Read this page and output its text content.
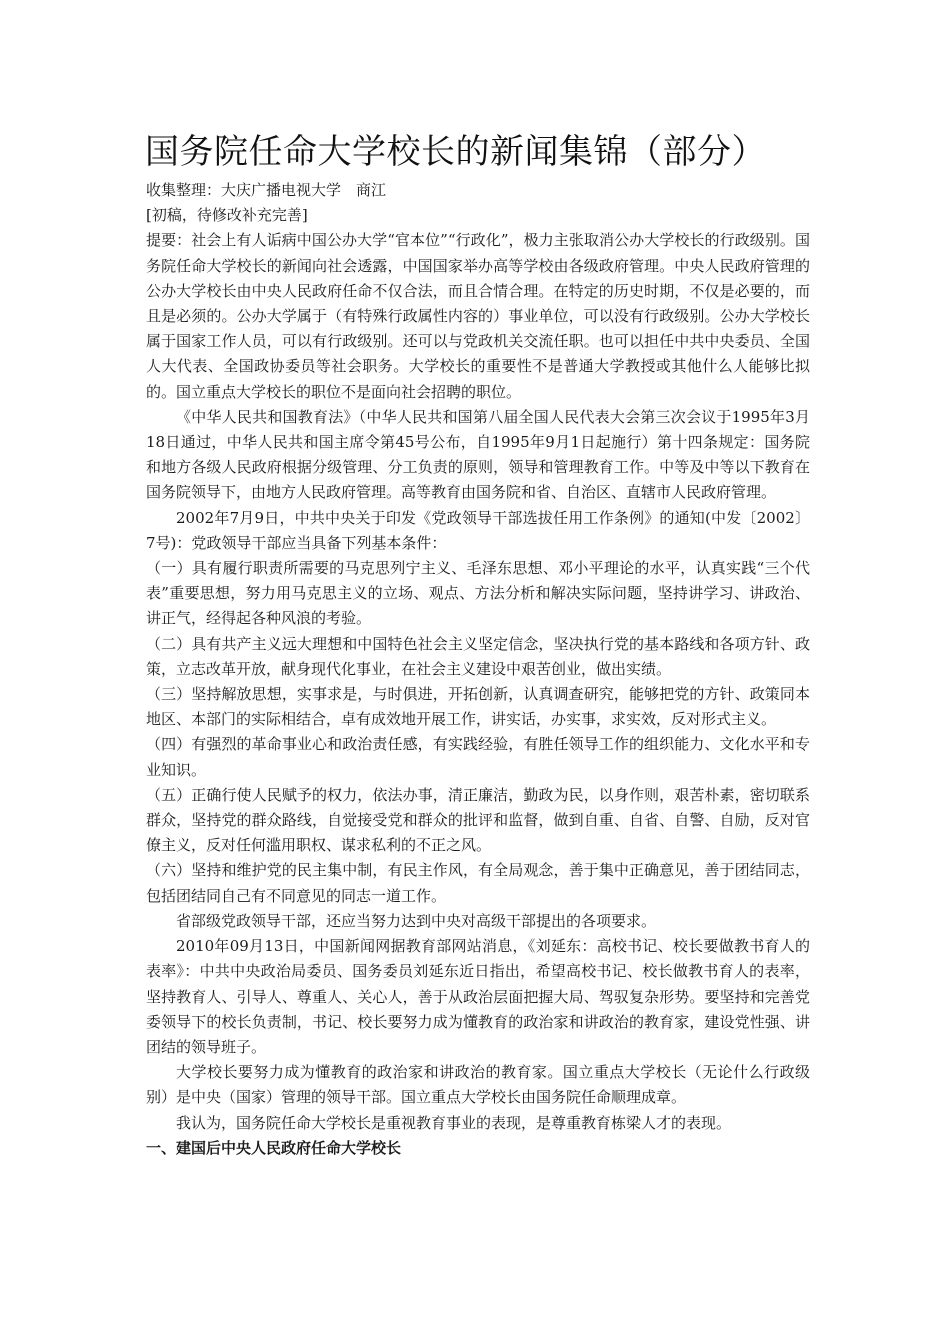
国务院任命大学校长的新闻集锦（部分）

收集整理：大庆广播电视大学　商江

[初稿，待修改补充完善]

提要：社会上有人诟病中国公办大学“官本位”“行政化”，极力主张取消公办大学校长的行政级别。国务院任命大学校长的新闻向社会透露，中国国家举办高等学校由各级政府管理。中央人民政府管理的公办大学校长由中央人民政府任命不仅合法，而且合情合理。在特定的历史时期，不仅是必要的，而且是必须的。公办大学属于（有特殊行政属性内容的）事业单位，可以没有行政级别。公办大学校长属于国家工作人员，可以有行政级别。还可以与党政机关交流任职。也可以担任中共中央委员、全国人大代表、全国政协委员等社会职务。大学校长的重要性不是普通大学教授或其他什么人能够比拟的。国立重点大学校长的职位不是面向社会招聘的职位。

《中华人民共和国教育法》（中华人民共和国第八届全国人民代表大会第三次会议于1995年3月18日通过，中华人民共和国主席令第45号公布，自1995年9月1日起施行）第十四条规定：国务院和地方各级人民政府根据分级管理、分工负责的原则，领导和管理教育工作。中等及中等以下教育在国务院领导下，由地方人民政府管理。高等教育由国务院和省、自治区、直辖市人民政府管理。

2002年7月9日，中共中央关于印发《党政领导干部选拔任用工作条例》的通知(中发〔2002〕7号)：党政领导干部应当具备下列基本条件：

（一）具有履行职责所需要的马克思列宁主义、毛泽东思想、邓小平理论的水平，认真实践“三个代表”重要思想，努力用马克思主义的立场、观点、方法分析和解决实际问题，坚持讲学习、讲政治、讲正气，经得起各种风浪的考验。

（二）具有共产主义远大理想和中国特色社会主义坚定信念，坚决执行党的基本路线和各项方针、政策，立志改革开放，献身现代化事业，在社会主义建设中艰苦创业，做出实绩。

（三）坚持解放思想，实事求是，与时俱进，开拓创新，认真调查研究，能够把党的方针、政策同本地区、本部门的实际相结合，卓有成效地开展工作，讲实话，办实事，求实效，反对形式主义。

（四）有强烈的革命事业心和政治责任感，有实践经验，有胜任领导工作的组织能力、文化水平和专业知识。

（五）正确行使人民赋予的权力，依法办事，清正廉洁，勤政为民，以身作则，艰苦朴素，密切联系群众，坚持党的群众路线，自觉接受党和群众的批评和监督，做到自重、自省、自警、自励，反对官僚主义，反对任何滥用职权、谋求私利的不正之风。

（六）坚持和维护党的民主集中制，有民主作风，有全局观念，善于集中正确意见，善于团结同志，包括团结同自己有不同意见的同志一道工作。

省部级党政领导干部，还应当努力达到中央对高级干部提出的各项要求。

2010年09月13日，中国新闻网据教育部网站消息，《刘延东：高校书记、校长要做教书育人的表率》：中共中央政治局委员、国务委员刘延东近日指出，希望高校书记、校长做教书育人的表率，坚持教育人、引导人、尊重人、关心人，善于从政治层面把握大局、驾驭复杂形势。要坚持和完善党委领导下的校长负责制，书记、校长要努力成为懂教育的政治家和讲政治的教育家，建设党性强、讲团结的领导班子。

大学校长要努力成为懂教育的政治家和讲政治的教育家。国立重点大学校长（无论什么行政级别）是中央（国家）管理的领导干部。国立重点大学校长由国务院任命顺理成章。

我认为，国务院任命大学校长是重视教育事业的表现，是尊重教育栋梁人才的表现。

一、建国后中央人民政府任命大学校长
